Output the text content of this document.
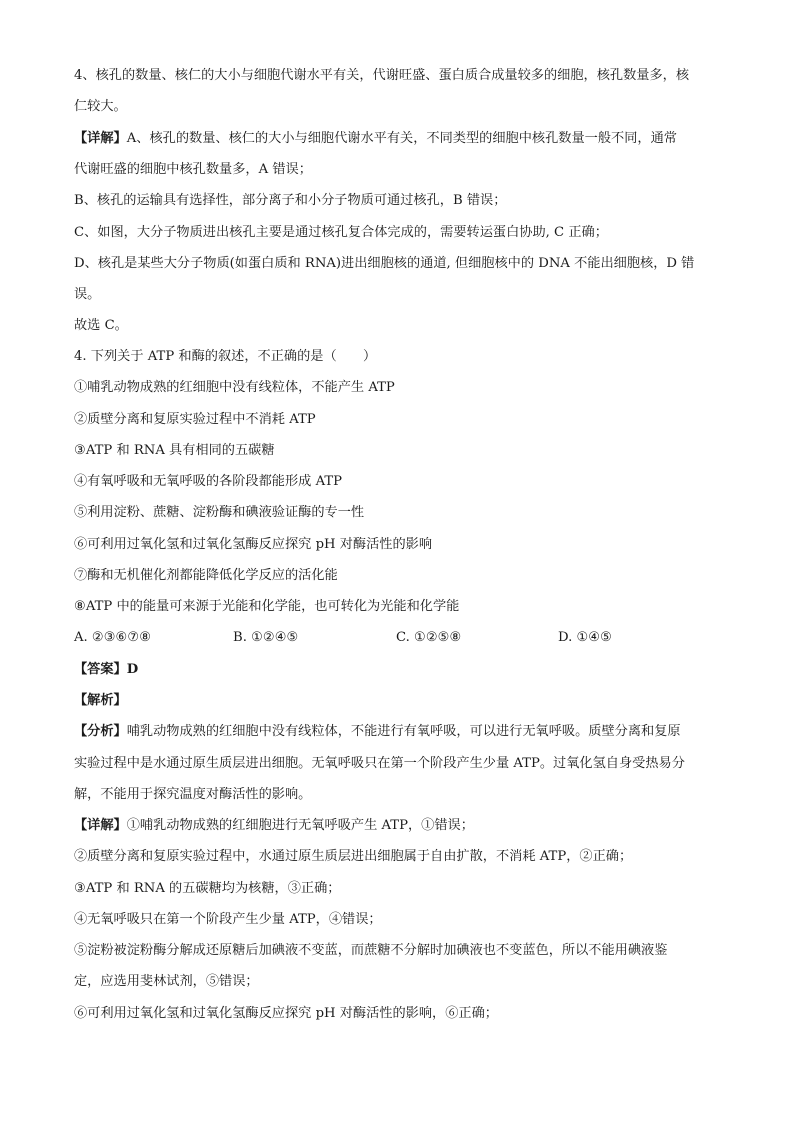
4、核孔的数量、核仁的大小与细胞代谢水平有关，代谢旺盛、蛋白质合成量较多的细胞，核孔数量多，核
仁较大。
【详解】A、核孔的数量、核仁的大小与细胞代谢水平有关，不同类型的细胞中核孔数量一般不同，通常
代谢旺盛的细胞中核孔数量多，A 错误；
B、核孔的运输具有选择性，部分离子和小分子物质可通过核孔，B 错误；
C、如图，大分子物质进出核孔主要是通过核孔复合体完成的，需要转运蛋白协助, C 正确；
D、核孔是某些大分子物质(如蛋白质和 RNA)进出细胞核的通道, 但细胞核中的 DNA 不能出细胞核，D 错
误。
故选 C。
4. 下列关于 ATP 和酶的叙述，不正确的是（　　）
①哺乳动物成熟的红细胞中没有线粒体，不能产生 ATP
②质壁分离和复原实验过程中不消耗 ATP
③ATP 和 RNA 具有相同的五碳糖
④有氧呼吸和无氧呼吸的各阶段都能形成 ATP
⑤利用淀粉、蔗糖、淀粉酶和碘液验证酶的专一性
⑥可利用过氧化氢和过氧化氢酶反应探究 pH 对酶活性的影响
⑦酶和无机催化剂都能降低化学反应的活化能
⑧ATP 中的能量可来源于光能和化学能，也可转化为光能和化学能
A. ②③⑥⑦⑧	B. ①②④⑤	C. ①②⑤⑧	D. ①④⑤
【答案】D
【解析】
【分析】哺乳动物成熟的红细胞中没有线粒体，不能进行有氧呼吸，可以进行无氧呼吸。质壁分离和复原
实验过程中是水通过原生质层进出细胞。无氧呼吸只在第一个阶段产生少量 ATP。过氧化氢自身受热易分
解，不能用于探究温度对酶活性的影响。
【详解】①哺乳动物成熟的红细胞进行无氧呼吸产生 ATP，①错误；
②质壁分离和复原实验过程中，水通过原生质层进出细胞属于自由扩散，不消耗 ATP，②正确；
③ATP 和 RNA 的五碳糖均为核糖，③正确；
④无氧呼吸只在第一个阶段产生少量 ATP，④错误；
⑤淀粉被淀粉酶分解成还原糖后加碘液不变蓝，而蔗糖不分解时加碘液也不变蓝色，所以不能用碘液鉴
定，应选用斐林试剂，⑤错误；
⑥可利用过氧化氢和过氧化氢酶反应探究 pH 对酶活性的影响，⑥正确；
